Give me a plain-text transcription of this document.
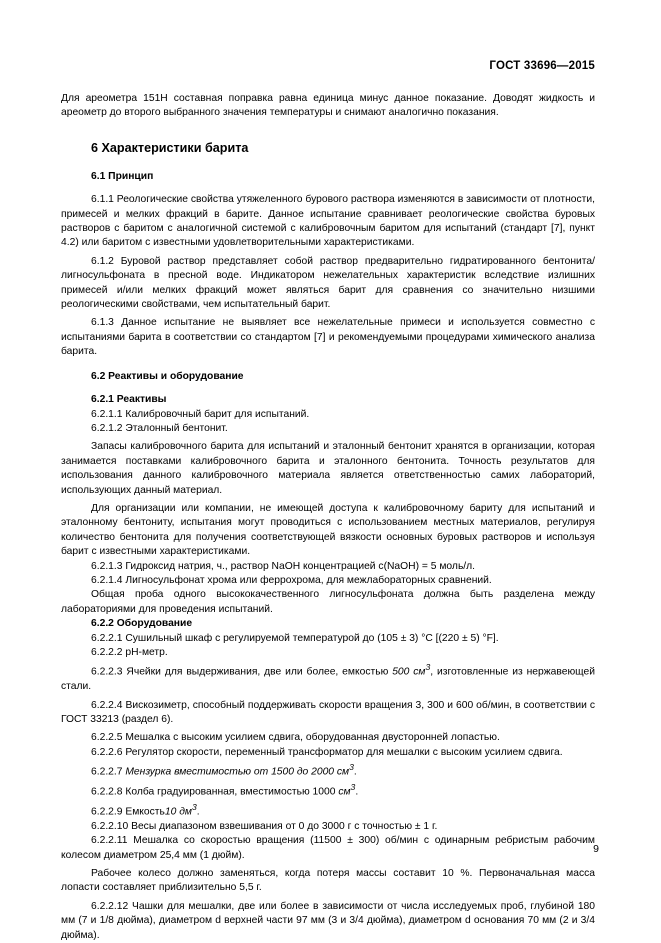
ГОСТ 33696—2015

Для ареометра 151Н составная поправка равна единица минус данное показание. Доводят жидкость и ареометр до второго выбранного значения температуры и снимают аналогично показания.

6 Характеристики барита
6.1 Принцип

6.1.1 Реологические свойства утяжеленного бурового раствора изменяются в зависимости от плотности, примесей и мелких фракций в барите. Данное испытание сравнивает реологические свойства буровых растворов с баритом с аналогичной системой с калибровочным баритом для испытаний (стандарт [7], пункт 4.2) или баритом с известными удовлетворительными характеристиками.

6.1.2 Буровой раствор представляет собой раствор предварительно гидратированного бентонита/лигносульфоната в пресной воде. Индикатором нежелательных характеристик вследствие излишних примесей и/или мелких фракций может являться барит для сравнения со значительно низшими реологическими свойствами, чем испытательный барит.

6.1.3 Данное испытание не выявляет все нежелательные примеси и используется совместно с испытаниями барита в соответствии со стандартом [7] и рекомендуемыми процедурами химического анализа барита.

6.2 Реактивы и оборудование
6.2.1 Реактивы

6.2.1.1 Калибровочный барит для испытаний.

6.2.1.2 Эталонный бентонит.

Запасы калибровочного барита для испытаний и эталонный бентонит хранятся в организации, которая занимается поставками калибровочного барита и эталонного бентонита. Точность результатов для использования данного калибровочного материала является ответственностью самих лабораторий, использующих данный материал.

Для организации или компании, не имеющей доступа к калибровочному бариту для испытаний и эталонному бентониту, испытания могут проводиться с использованием местных материалов, регулируя количество бентонита для получения соответствующей вязкости основных буровых растворов и используя барит с известными характеристиками.

6.2.1.3 Гидроксид натрия, ч., раствор NaOH концентрацией c(NaOH) = 5 моль/л.

6.2.1.4 Лигносульфонат хрома или феррохрома, для межлабораторных сравнений.

Общая проба одного высококачественного лигносульфоната должна быть разделена между лабораториями для проведения испытаний.

6.2.2 Оборудование

6.2.2.1 Сушильный шкаф с регулируемой температурой до (105 ± 3) °С [(220 ± 5) °F].

6.2.2.2 pH-метр.

6.2.2.3 Ячейки для выдерживания, две или более, емкостью 500 $см^3$, изготовленные из нержавеющей стали.

6.2.2.4 Вискозиметр, способный поддерживать скорости вращения 3, 300 и 600 об/мин, в соответствии с ГОСТ 33213 (раздел 6).

6.2.2.5 Мешалка с высоким усилием сдвига, оборудованная двусторонней лопастью.

6.2.2.6 Регулятор скорости, переменный трансформатор для мешалки с высоким усилием сдвига.

6.2.2.7 Мензурка вместимостью от 1500 до 2000 $см^3$.

6.2.2.8 Колба градуированная, вместимостью 1000 $см^3$.

6.2.2.9 Емкость10 $дм^3$.

6.2.2.10 Весы диапазоном взвешивания от 0 до 3000 г с точностью ± 1 г.

6.2.2.11 Мешалка со скоростью вращения (11500 ± 300) об/мин с одинарным ребристым рабочим колесом диаметром 25,4 мм (1 дюйм).

Рабочее колесо должно заменяться, когда потеря массы составит 10 %. Первоначальная масса лопасти составляет приблизительно 5,5 г.

6.2.2.12 Чашки для мешалки, две или более в зависимости от числа исследуемых проб, глубиной 180 мм (7 и 1/8 дюйма), диаметром d верхней части 97 мм (3 и 3/4 дюйма), диаметром d основания 70 мм (2 и 3/4 дюйма).

9
